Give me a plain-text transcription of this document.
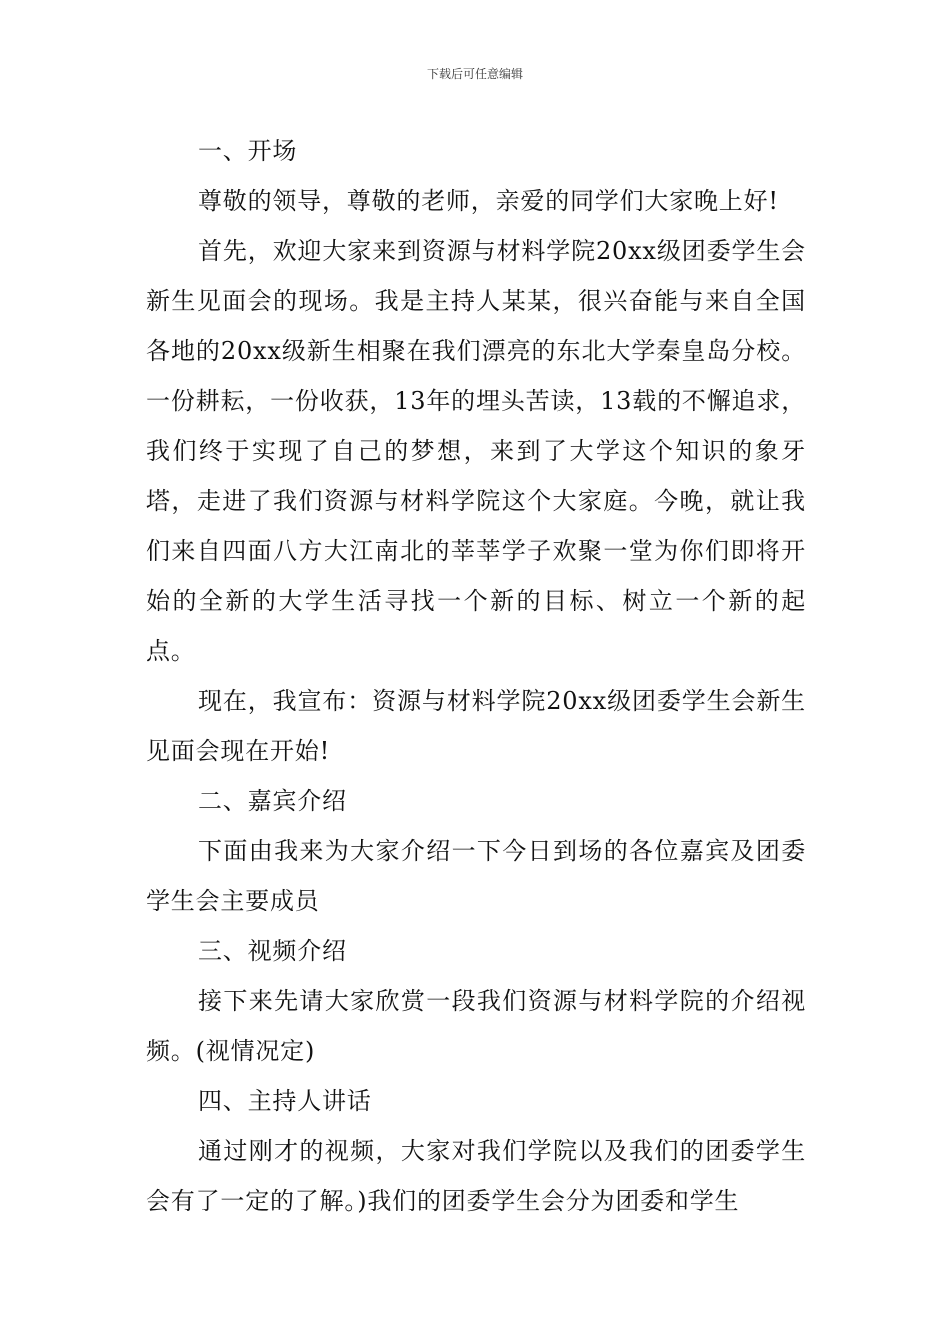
下载后可任意编辑

一、开场

尊敬的领导，尊敬的老师，亲爱的同学们大家晚上好!

首先，欢迎大家来到资源与材料学院20xx级团委学生会新生见面会的现场。我是主持人某某，很兴奋能与来自全国各地的20xx级新生相聚在我们漂亮的东北大学秦皇岛分校。一份耕耘，一份收获，13年的埋头苦读，13载的不懈追求，我们终于实现了自己的梦想，来到了大学这个知识的象牙塔，走进了我们资源与材料学院这个大家庭。今晚，就让我们来自四面八方大江南北的莘莘学子欢聚一堂为你们即将开始的全新的大学生活寻找一个新的目标、树立一个新的起点。

现在，我宣布：资源与材料学院20xx级团委学生会新生见面会现在开始!

二、嘉宾介绍

下面由我来为大家介绍一下今日到场的各位嘉宾及团委学生会主要成员

三、视频介绍

接下来先请大家欣赏一段我们资源与材料学院的介绍视频。(视情况定)

四、主持人讲话

通过刚才的视频，大家对我们学院以及我们的团委学生会有了一定的了解。)我们的团委学生会分为团委和学生
